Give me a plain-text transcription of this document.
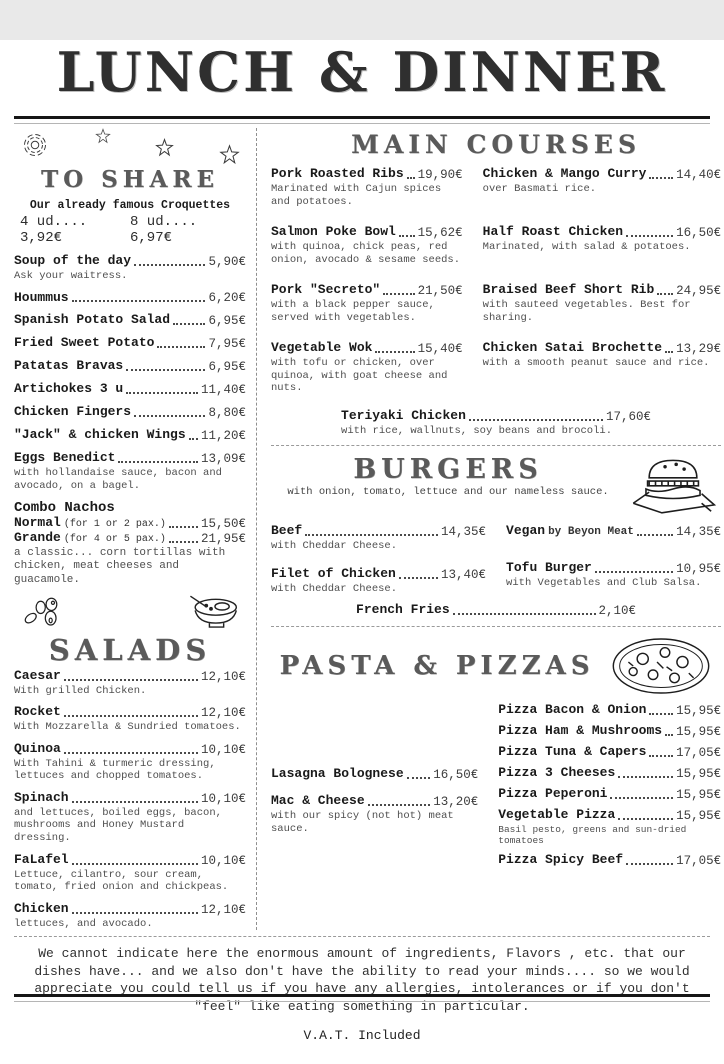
LUNCH & DINNER
TO SHARE
Our already famous Croquettes
4 ud.... 3,92€
8 ud.... 6,97€
Soup of the day	5,90€
Ask your waitress.
Hoummus	6,20€
Spanish Potato Salad	6,95€
Fried Sweet Potato	7,95€
Patatas Bravas	6,95€
Artichokes 3 u	11,40€
Chicken Fingers	8,80€
"Jack" & chicken Wings 11,20€
Eggs Benedict	13,09€
with hollandaise sauce, bacon and avocado, on a bagel.
Combo Nachos
Normal (for 1 or 2 pax.)	15,50€
Grande (for 4 or 5 pax.)	21,95€
a classic... corn tortillas with chicken, meat cheeses and guacamole.
SALADS
Caesar	12,10€
With grilled Chicken.
Rocket	12,10€
With Mozzarella & Sundried tomatoes.
Quinoa	10,10€
With Tahini & turmeric dressing, lettuces and chopped tomatoes.
Spinach	10,10€
and lettuces, boiled eggs, bacon, mushrooms and Honey Mustard dressing.
FaLafel	10,10€
Lettuce, cilantro, sour cream, tomato, fried onion and chickpeas.
Chicken	12,10€
lettuces, and avocado.
MAIN COURSES
Pork Roasted Ribs 19,90€
Marinated with Cajun spices and potatoes.
Salmon Poke Bowl 15,62€
with quinoa, chick peas, red onion, avocado & sesame seeds.
Pork "Secreto"	21,50€
with a black pepper sauce, served with vegetables.
Vegetable Wok	15,40€
with tofu or chicken, over quinoa, with goat cheese and nuts.
Chicken & Mango Curry 14,40€
over Basmati rice.
Half Roast Chicken	16,50€
Marinated, with salad & potatoes.
Braised Beef Short Rib 24,95€
with sauteed vegetables. Best for sharing.
Chicken Satai Brochette 13,29€
with a smooth peanut sauce and rice.
Teriyaki Chicken	17,60€
with rice, wallnuts, soy beans and brocoli.
BURGERS
with onion, tomato, lettuce and our nameless sauce.
Beef	14,35€
with Cheddar Cheese.
Filet of Chicken	13,40€
with Cheddar Cheese.
Vegan by Beyon Meat	14,35€
Tofu Burger	10,95€
with Vegetables and Club Salsa.
French Fries	2,10€
PASTA & PIZZAS
Lasagna Bolognese 16,50€
Mac & Cheese	13,20€
with our spicy (not hot) meat sauce.
Pizza Bacon & Onion 15,95€
Pizza Ham & Mushrooms 15,95€
Pizza Tuna & Capers 17,05€
Pizza 3 Cheeses	15,95€
Pizza Peperoni	15,95€
Vegetable Pizza	15,95€
Basil pesto, greens and sun-dried tomatoes
Pizza Spicy Beef	17,05€
We cannot indicate here the enormous amount of ingredients, Flavors , etc. that our dishes have... and we also don't have the ability to read your minds.... so we would appreciate you could tell us if you have any allergies, intolerances or if you don't "feel" like eating something in particular.
V.A.T. Included
